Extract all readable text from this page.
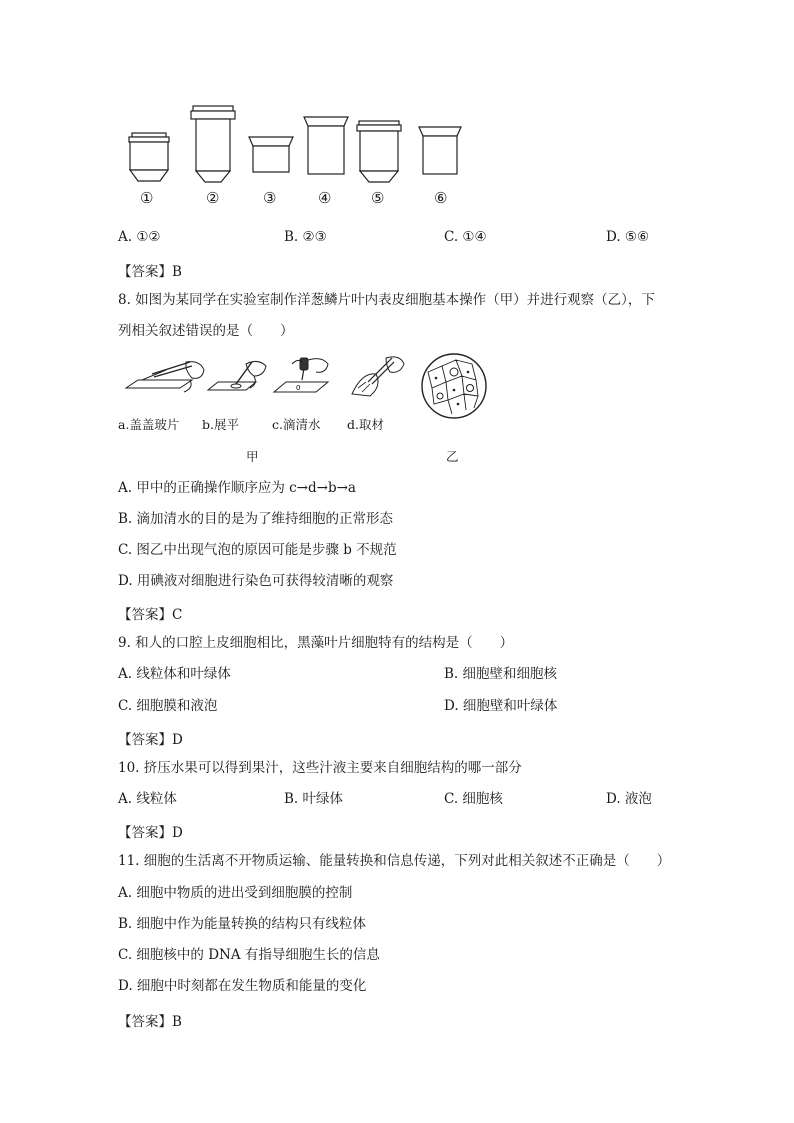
①	②	③	④	⑤	⑥
A. ①②	B. ②③	C. ①④	D. ⑤⑥
【答案】B
8. 如图为某同学在实验室制作洋葱鳞片叶内表皮细胞基本操作（甲）并进行观察（乙），下
列相关叙述错误的是（　　）
0
a.盖盖玻片 b.展平	c.滴清水 d.取材
甲	乙
A. 甲中的正确操作顺序应为 c→d→b→a
B. 滴加清水的目的是为了维持细胞的正常形态
C. 图乙中出现气泡的原因可能是步骤 b 不规范
D. 用碘液对细胞进行染色可获得较清晰的观察
【答案】C
9. 和人的口腔上皮细胞相比，黑藻叶片细胞特有的结构是（　　）
A. 线粒体和叶绿体	B. 细胞壁和细胞核
C. 细胞膜和液泡	D. 细胞壁和叶绿体
【答案】D
10. 挤压水果可以得到果汁，这些汁液主要来自细胞结构的哪一部分
A. 线粒体	B. 叶绿体	C. 细胞核	D. 液泡
【答案】D
11. 细胞的生活离不开物质运输、能量转换和信息传递，下列对此相关叙述不正确是（　　）
A. 细胞中物质的进出受到细胞膜的控制
B. 细胞中作为能量转换的结构只有线粒体
C. 细胞核中的 DNA 有指导细胞生长的信息
D. 细胞中时刻都在发生物质和能量的变化
【答案】B
